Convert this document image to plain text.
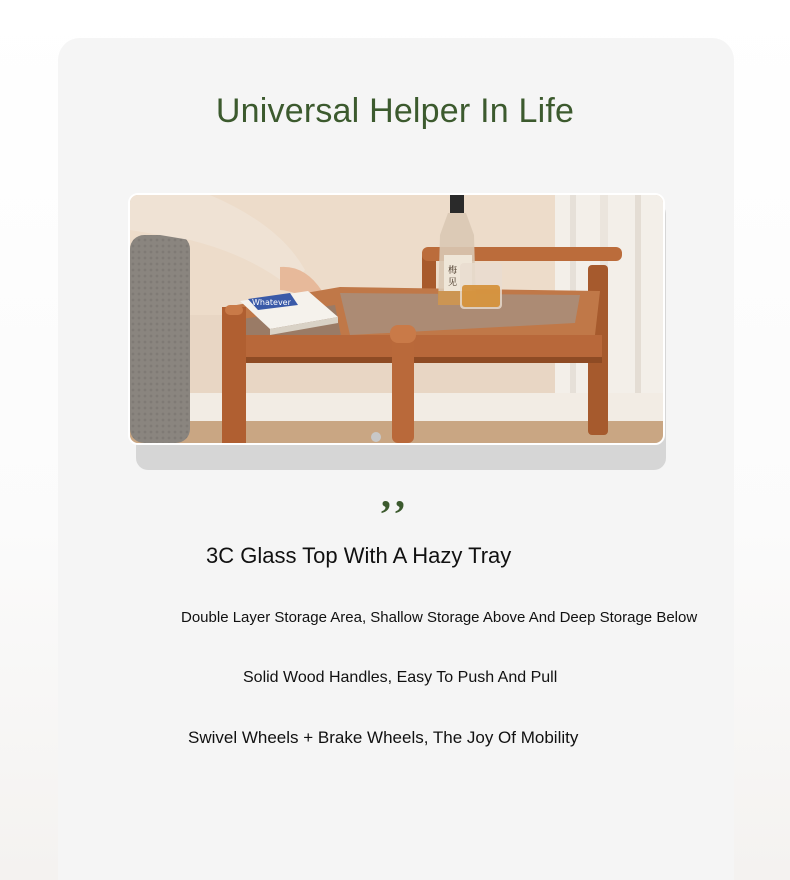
Universal Helper In Life
Whatever
梅
见
,,
3C Glass Top With A Hazy Tray
Double Layer Storage Area, Shallow Storage Above And Deep Storage Below
Solid Wood Handles, Easy To Push And Pull
Swivel Wheels + Brake Wheels, The Joy Of Mobility
